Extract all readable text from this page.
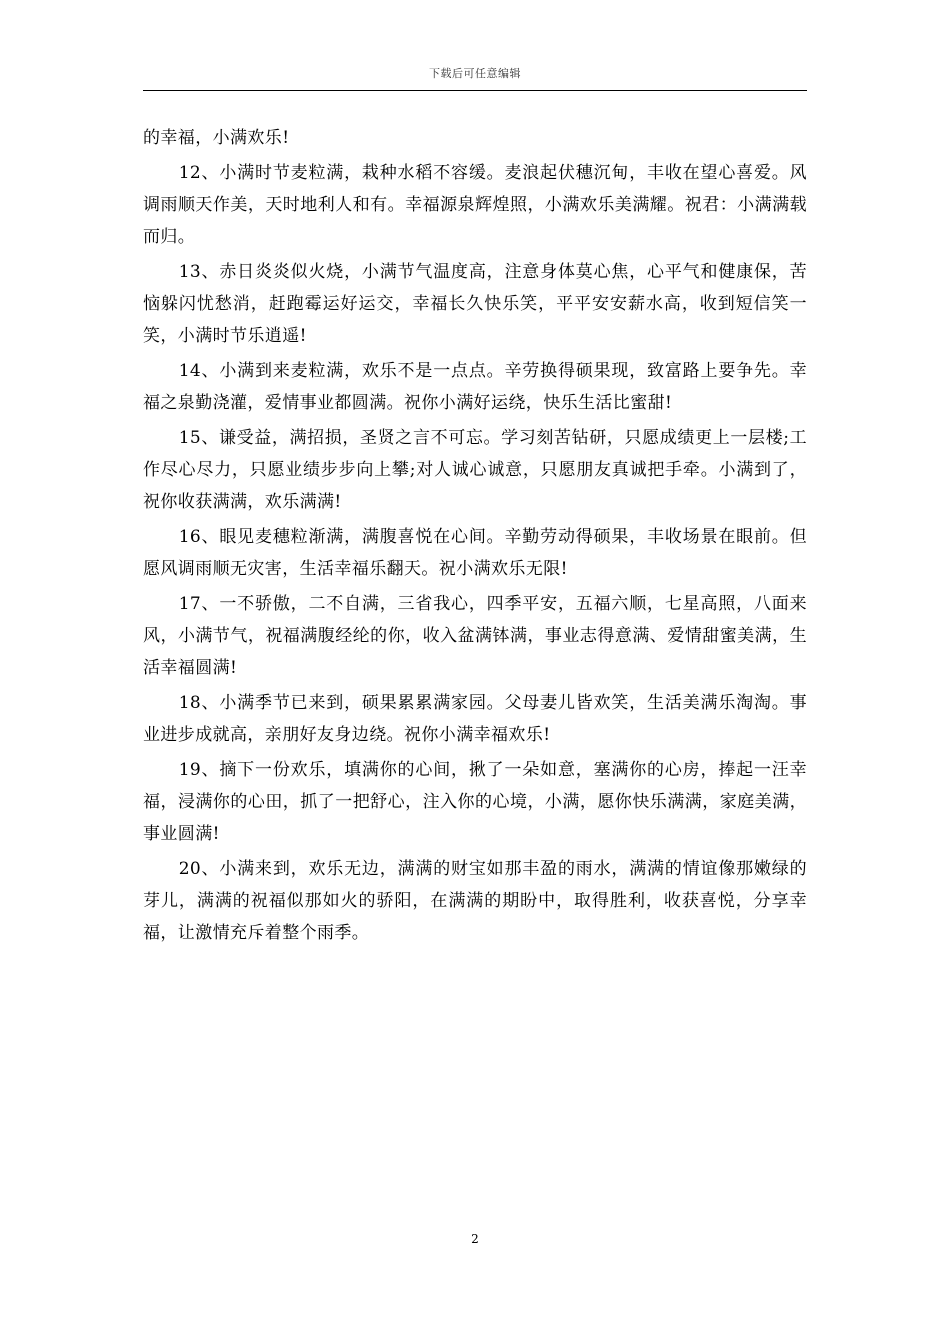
下载后可任意编辑

的幸福，小满欢乐!

12、小满时节麦粒满，栽种水稻不容缓。麦浪起伏穗沉甸，丰收在望心喜爱。风调雨顺天作美，天时地利人和有。幸福源泉辉煌照，小满欢乐美满耀。祝君：小满满载而归。

13、赤日炎炎似火烧，小满节气温度高，注意身体莫心焦，心平气和健康保，苦恼躲闪忧愁消，赶跑霉运好运交，幸福长久快乐笑，平平安安薪水高，收到短信笑一笑，小满时节乐逍遥!

14、小满到来麦粒满，欢乐不是一点点。辛劳换得硕果现，致富路上要争先。幸福之泉勤浇灌，爱情事业都圆满。祝你小满好运绕，快乐生活比蜜甜!

15、谦受益，满招损，圣贤之言不可忘。学习刻苦钻研，只愿成绩更上一层楼;工作尽心尽力，只愿业绩步步向上攀;对人诚心诚意，只愿朋友真诚把手牵。小满到了，祝你收获满满，欢乐满满!

16、眼见麦穗粒渐满，满腹喜悦在心间。辛勤劳动得硕果，丰收场景在眼前。但愿风调雨顺无灾害，生活幸福乐翻天。祝小满欢乐无限!

17、一不骄傲，二不自满，三省我心，四季平安，五福六顺，七星高照，八面来风，小满节气，祝福满腹经纶的你，收入盆满钵满，事业志得意满、爱情甜蜜美满，生活幸福圆满!

18、小满季节已来到，硕果累累满家园。父母妻儿皆欢笑，生活美满乐淘淘。事业进步成就高，亲朋好友身边绕。祝你小满幸福欢乐!

19、摘下一份欢乐，填满你的心间，揪了一朵如意，塞满你的心房，捧起一汪幸福，浸满你的心田，抓了一把舒心，注入你的心境，小满，愿你快乐满满，家庭美满，事业圆满!

20、小满来到，欢乐无边，满满的财宝如那丰盈的雨水，满满的情谊像那嫩绿的芽儿，满满的祝福似那如火的骄阳，在满满的期盼中，取得胜利，收获喜悦，分享幸福，让激情充斥着整个雨季。

2
